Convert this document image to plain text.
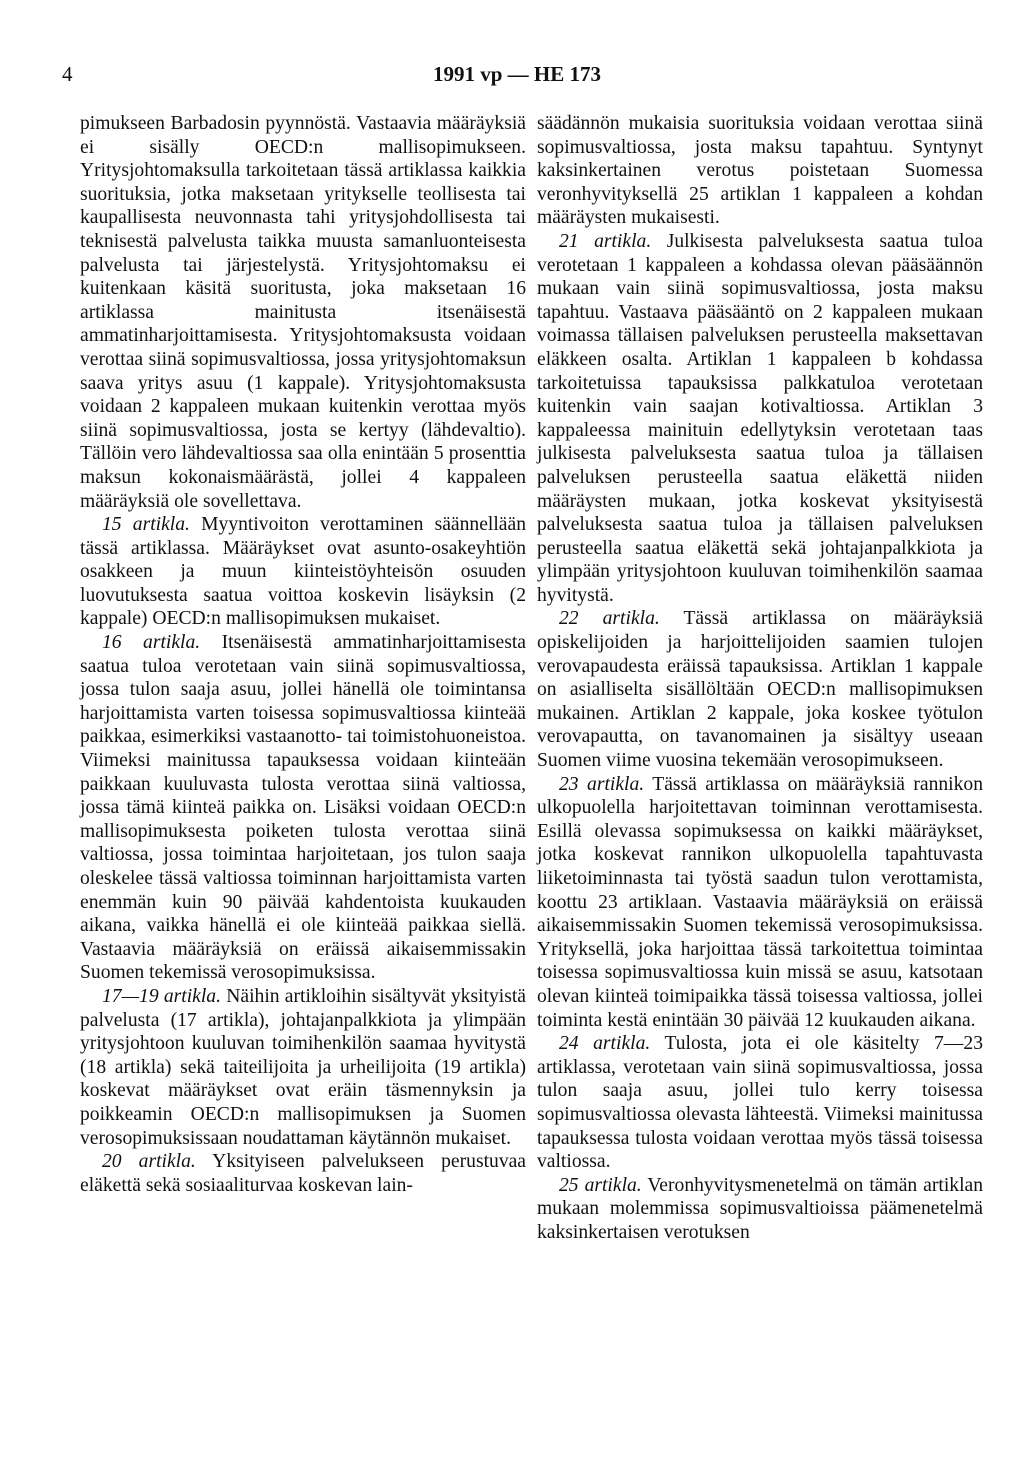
4	1991 vp — HE 173

pimukseen Barbadosin pyynnöstä. Vastaavia määräyksiä ei sisälly OECD:n mallisopimukseen. Yritysjohtomaksulla tarkoitetaan tässä artiklassa kaikkia suorituksia, jotka maksetaan yritykselle teollisesta tai kaupallisesta neuvonnasta tahi yritysjohdollisesta tai teknisestä palvelusta taikka muusta samanluonteisesta palvelusta tai järjestelystä. Yritysjohtomaksu ei kuitenkaan käsitä suoritusta, joka maksetaan 16 artiklassa mainitusta itsenäisestä ammatinharjoittamisesta. Yritysjohtomaksusta voidaan verottaa siinä sopimusvaltiossa, jossa yritysjohtomaksun saava yritys asuu (1 kappale). Yritysjohtomaksusta voidaan 2 kappaleen mukaan kuitenkin verottaa myös siinä sopimusvaltiossa, josta se kertyy (lähdevaltio). Tällöin vero lähdevaltiossa saa olla enintään 5 prosenttia maksun kokonaismäärästä, jollei 4 kappaleen määräyksiä ole sovellettava.

15 artikla. Myyntivoiton verottaminen säännellään tässä artiklassa. Määräykset ovat asunto-osakeyhtiön osakkeen ja muun kiinteistöyhteisön osuuden luovutuksesta saatua voittoa koskevin lisäyksin (2 kappale) OECD:n mallisopimuksen mukaiset.

16 artikla. Itsenäisestä ammatinharjoittamisesta saatua tuloa verotetaan vain siinä sopimusvaltiossa, jossa tulon saaja asuu, jollei hänellä ole toimintansa harjoittamista varten toisessa sopimusvaltiossa kiinteää paikkaa, esimerkiksi vastaanotto- tai toimistohuoneistoa. Viimeksi mainitussa tapauksessa voidaan kiinteään paikkaan kuuluvasta tulosta verottaa siinä valtiossa, jossa tämä kiinteä paikka on. Lisäksi voidaan OECD:n mallisopimuksesta poiketen tulosta verottaa siinä valtiossa, jossa toimintaa harjoitetaan, jos tulon saaja oleskelee tässä valtiossa toiminnan harjoittamista varten enemmän kuin 90 päivää kahdentoista kuukauden aikana, vaikka hänellä ei ole kiinteää paikkaa siellä. Vastaavia määräyksiä on eräissä aikaisemmissakin Suomen tekemissä verosopimuksissa.

17—19 artikla. Näihin artikloihin sisältyvät yksityistä palvelusta (17 artikla), johtajanpalkkiota ja ylimpään yritysjohtoon kuuluvan toimihenkilön saamaa hyvitystä (18 artikla) sekä taiteilijoita ja urheilijoita (19 artikla) koskevat määräykset ovat eräin täsmennyksin ja poikkeamin OECD:n mallisopimuksen ja Suomen verosopimuksissaan noudattaman käytännön mukaiset.

20 artikla. Yksityiseen palvelukseen perustuvaa eläkettä sekä sosiaaliturvaa koskevan lain-

säädännön mukaisia suorituksia voidaan verottaa siinä sopimusvaltiossa, josta maksu tapahtuu. Syntynyt kaksinkertainen verotus poistetaan Suomessa veronhyvityksellä 25 artiklan 1 kappaleen a kohdan määräysten mukaisesti.

21 artikla. Julkisesta palveluksesta saatua tuloa verotetaan 1 kappaleen a kohdassa olevan pääsäännön mukaan vain siinä sopimusvaltiossa, josta maksu tapahtuu. Vastaava pääsääntö on 2 kappaleen mukaan voimassa tällaisen palveluksen perusteella maksettavan eläkkeen osalta. Artiklan 1 kappaleen b kohdassa tarkoitetuissa tapauksissa palkkatuloa verotetaan kuitenkin vain saajan kotivaltiossa. Artiklan 3 kappaleessa mainituin edellytyksin verotetaan taas julkisesta palveluksesta saatua tuloa ja tällaisen palveluksen perusteella saatua eläkettä niiden määräysten mukaan, jotka koskevat yksityisestä palveluksesta saatua tuloa ja tällaisen palveluksen perusteella saatua eläkettä sekä johtajanpalkkiota ja ylimpään yritysjohtoon kuuluvan toimihenkilön saamaa hyvitystä.

22 artikla. Tässä artiklassa on määräyksiä opiskelijoiden ja harjoittelijoiden saamien tulojen verovapaudesta eräissä tapauksissa. Artiklan 1 kappale on asialliselta sisällöltään OECD:n mallisopimuksen mukainen. Artiklan 2 kappale, joka koskee työtulon verovapautta, on tavanomainen ja sisältyy useaan Suomen viime vuosina tekemään verosopimukseen.

23 artikla. Tässä artiklassa on määräyksiä rannikon ulkopuolella harjoitettavan toiminnan verottamisesta. Esillä olevassa sopimuksessa on kaikki määräykset, jotka koskevat rannikon ulkopuolella tapahtuvasta liiketoiminnasta tai työstä saadun tulon verottamista, koottu 23 artiklaan. Vastaavia määräyksiä on eräissä aikaisemmissakin Suomen tekemissä verosopimuksissa. Yrityksellä, joka harjoittaa tässä tarkoitettua toimintaa toisessa sopimusvaltiossa kuin missä se asuu, katsotaan olevan kiinteä toimipaikka tässä toisessa valtiossa, jollei toiminta kestä enintään 30 päivää 12 kuukauden aikana.

24 artikla. Tulosta, jota ei ole käsitelty 7—23 artiklassa, verotetaan vain siinä sopimusvaltiossa, jossa tulon saaja asuu, jollei tulo kerry toisessa sopimusvaltiossa olevasta lähteestä. Viimeksi mainitussa tapauksessa tulosta voidaan verottaa myös tässä toisessa valtiossa.

25 artikla. Veronhyvitysmenetelmä on tämän artiklan mukaan molemmissa sopimusvaltioissa päämenetelmä kaksinkertaisen verotuksen
